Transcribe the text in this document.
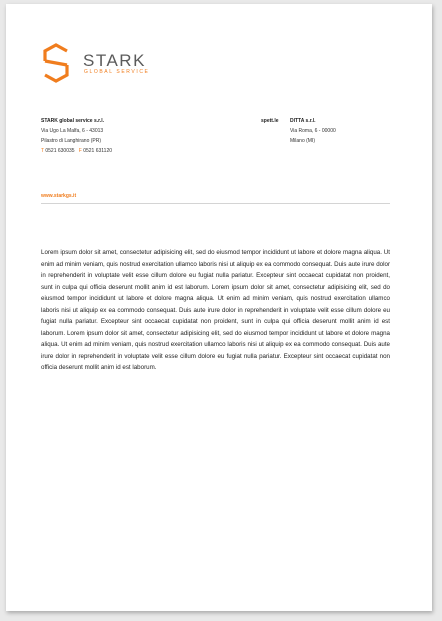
STARK
GLOBAL SERVICE
STARK global service s.r.l.
Via Ugo La Malfa, 6 - 43013
Pilastro di Langhirano (PR)
T 0521 630035 F 0521 631120
spett.le DITTA s.r.l.
Via Roma, 6 - 00000
Milano (MI)
www.starkgs.it
Lorem ipsum dolor sit amet, consectetur adipisicing elit, sed do eiusmod tempor incididunt ut labore et dolore magna aliqua. Ut enim ad minim veniam, quis nostrud exercitation ullamco laboris nisi ut aliquip ex ea commodo consequat. Duis aute irure dolor in reprehenderit in voluptate velit esse cillum dolore eu fugiat nulla pariatur. Excepteur sint occaecat cupidatat non proident, sunt in culpa qui officia deserunt mollit anim id est laborum. Lorem ipsum dolor sit amet, consectetur adipisicing elit, sed do eiusmod tempor incididunt ut labore et dolore magna aliqua. Ut enim ad minim veniam, quis nostrud exercitation ullamco laboris nisi ut aliquip ex ea commodo consequat. Duis aute irure dolor in reprehenderit in voluptate velit esse cillum dolore eu fugiat nulla pariatur. Excepteur sint occaecat cupidatat non proident, sunt in culpa qui officia deserunt mollit anim id est laborum. Lorem ipsum dolor sit amet, consectetur adipisicing elit, sed do eiusmod tempor incididunt ut labore et dolore magna aliqua. Ut enim ad minim veniam, quis nostrud exercitation ullamco laboris nisi ut aliquip ex ea commodo consequat. Duis aute irure dolor in reprehenderit in voluptate velit esse cillum dolore eu fugiat nulla pariatur. Excepteur sint occaecat cupidatat non officia deserunt mollit anim id est laborum.
